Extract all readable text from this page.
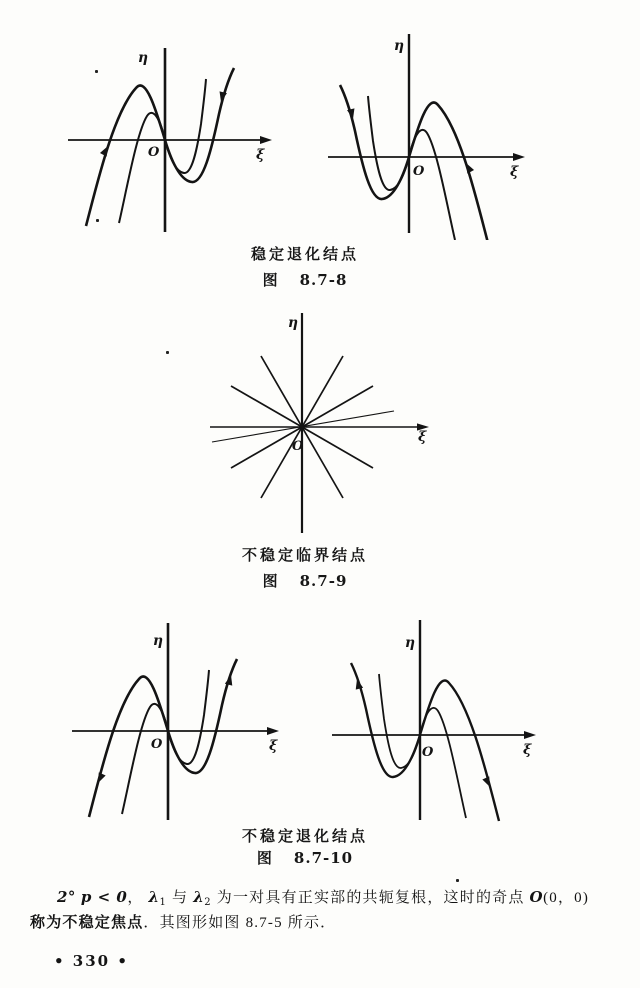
η
ξ
O
η
ξ
O
稳定退化结点
图 8.7-8
η
ξ
O
不稳定临界结点
图 8.7-9
η
ξ
O
η
ξ
O
不稳定退化结点
图 8.7-10
2° p < 0， $\lambda_1$ 与 $\lambda_2$ 为一对具有正实部的共轭复根，这时的奇点 O(0，0)
称为不稳定焦点．其图形如图 8.7-5 所示．
• 330 •
